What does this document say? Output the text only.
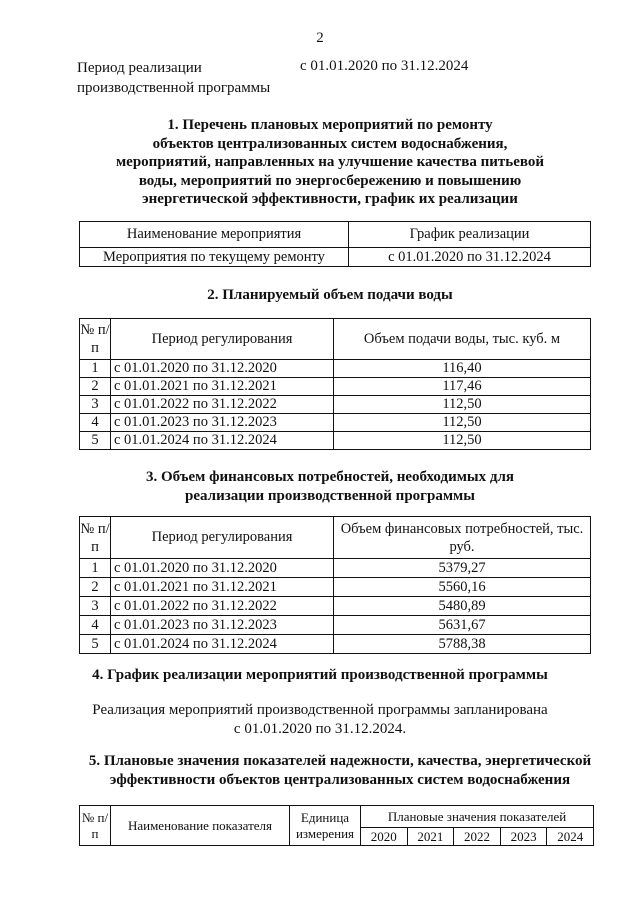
2
Период реализации производственной программы
с 01.01.2020 по 31.12.2024
1. Перечень плановых мероприятий по ремонту
объектов централизованных систем водоснабжения,
мероприятий, направленных на улучшение качества питьевой
воды, мероприятий по энергосбережению и повышению
энергетической эффективности, график их реализации
Наименование мероприятия	График реализации
Мероприятия по текущему ремонту	с 01.01.2020 по 31.12.2024
2. Планируемый объем подачи воды
№ п/п	Период регулирования	Объем подачи воды, тыс. куб. м
1	с 01.01.2020 по 31.12.2020	116,40
2	с 01.01.2021 по 31.12.2021	117,46
3	с 01.01.2022 по 31.12.2022	112,50
4	с 01.01.2023 по 31.12.2023	112,50
5	с 01.01.2024 по 31.12.2024	112,50
3. Объем финансовых потребностей, необходимых для
реализации производственной программы
№ п/п	Период регулирования	Объем финансовых потребностей, тыс. руб.
1	с 01.01.2020 по 31.12.2020	5379,27
2	с 01.01.2021 по 31.12.2021	5560,16
3	с 01.01.2022 по 31.12.2022	5480,89
4	с 01.01.2023 по 31.12.2023	5631,67
5	с 01.01.2024 по 31.12.2024	5788,38
4. График реализации мероприятий производственной программы
Реализация мероприятий производственной программы запланирована
с 01.01.2020 по 31.12.2024.
5. Плановые значения показателей надежности, качества, энергетической
эффективности объектов централизованных систем водоснабжения
№ п/п	Наименование показателя	Единица измерения	Плановые значения показателей				
			2020	2021	2022	2023	2024
